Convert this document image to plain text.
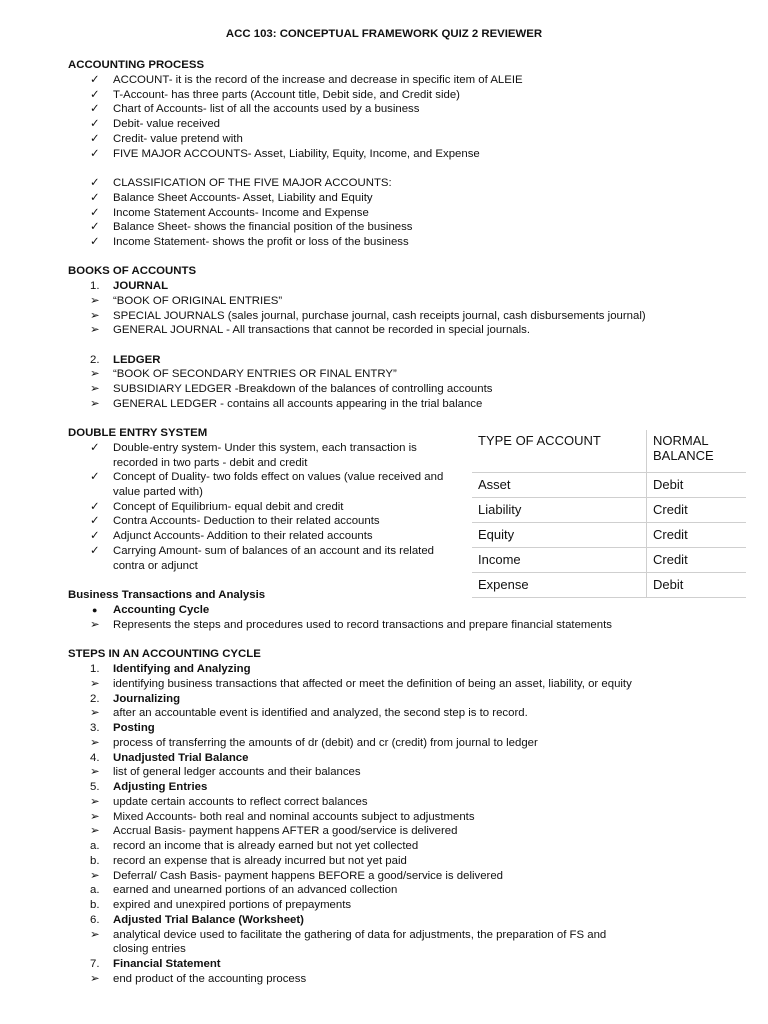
ACC 103: CONCEPTUAL FRAMEWORK QUIZ 2 REVIEWER
ACCOUNTING PROCESS
✓	ACCOUNT- it is the record of the increase and decrease in specific item of ALEIE
✓	T-Account- has three parts (Account title, Debit side, and Credit side)
✓	Chart of Accounts- list of all the accounts used by a business
✓	Debit- value received
✓	Credit- value pretend with
✓	FIVE MAJOR ACCOUNTS- Asset, Liability, Equity, Income, and Expense
✓	CLASSIFICATION OF THE FIVE MAJOR ACCOUNTS:
✓	Balance Sheet Accounts- Asset, Liability and Equity
✓	Income Statement Accounts- Income and Expense
✓	Balance Sheet- shows the financial position of the business
✓	Income Statement- shows the profit or loss of the business
BOOKS OF ACCOUNTS
1.	JOURNAL
➢	“BOOK OF ORIGINAL ENTRIES”
➢	SPECIAL JOURNALS (sales journal, purchase journal, cash receipts journal, cash disbursements journal)
➢	GENERAL JOURNAL - All transactions that cannot be recorded in special journals.
2.	LEDGER
➢	“BOOK OF SECONDARY ENTRIES OR FINAL ENTRY”
➢	SUBSIDIARY LEDGER -Breakdown of the balances of controlling accounts
➢	GENERAL LEDGER - contains all accounts appearing in the trial balance
DOUBLE ENTRY SYSTEM
✓	Double-entry system- Under this system, each transaction is recorded in two parts - debit and credit
✓	Concept of Duality- two folds effect on values (value received and value parted with)
✓	Concept of Equilibrium- equal debit and credit
✓	Contra Accounts- Deduction to their related accounts
✓	Adjunct Accounts- Addition to their related accounts
✓	Carrying Amount- sum of balances of an account and its related contra or adjunct
TYPE OF ACCOUNT	NORMAL BALANCE
Asset	Debit
Liability	Credit
Equity	Credit
Income	Credit
Expense	Debit
Business Transactions and Analysis
●	Accounting Cycle
➢	Represents the steps and procedures used to record transactions and prepare financial statements
STEPS IN AN ACCOUNTING CYCLE
1.	Identifying and Analyzing
➢	identifying business transactions that affected or meet the definition of being an asset, liability, or equity
2.	Journalizing
➢	after an accountable event is identified and analyzed, the second step is to record.
3.	Posting
➢	process of transferring the amounts of dr (debit) and cr (credit) from journal to ledger
4.	Unadjusted Trial Balance
➢	list of general ledger accounts and their balances
5.	Adjusting Entries
➢	update certain accounts to reflect correct balances
➢	Mixed Accounts- both real and nominal accounts subject to adjustments
➢	Accrual Basis- payment happens AFTER a good/service is delivered
a.	record an income that is already earned but not yet collected
b.	record an expense that is already incurred but not yet paid
➢	Deferral/ Cash Basis- payment happens BEFORE a good/service is delivered
a.	earned and unearned portions of an advanced collection
b.	expired and unexpired portions of prepayments
6.	Adjusted Trial Balance (Worksheet)
➢	analytical device used to facilitate the gathering of data for adjustments, the preparation of FS and
closing entries
7.	Financial Statement
➢	end product of the accounting process
